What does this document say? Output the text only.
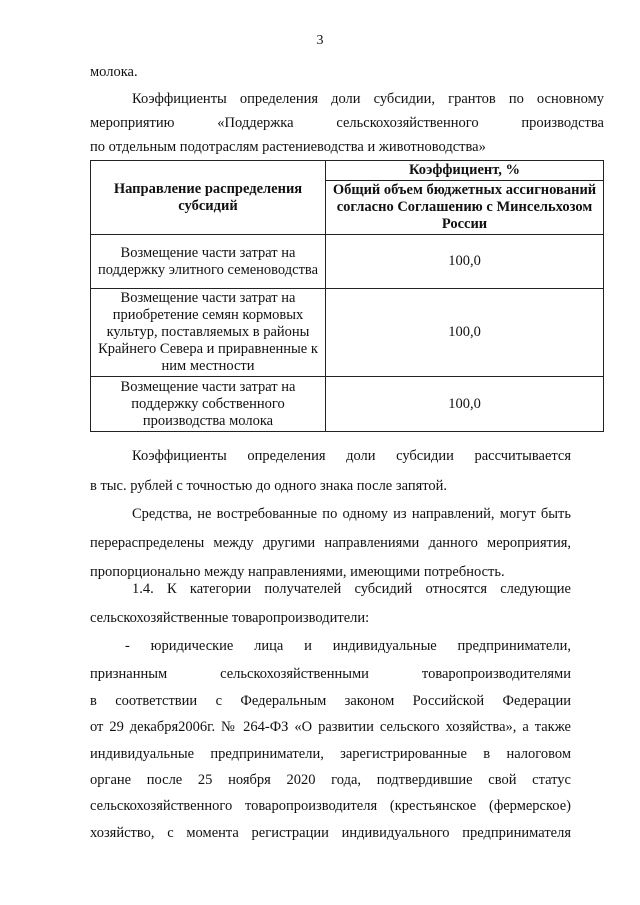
3
молока.
Коэффициенты определения доли субсидии, грантов по основному
мероприятию «Поддержка сельскохозяйственного производства
по отдельным подотраслям растениеводства и животноводства»
Направление распределения субсидий	Коэффициент, %
	Общий объем бюджетных ассигнований согласно Соглашению с Минсельхозом России
Возмещение части затрат на поддержку элитного семеноводства	100,0
Возмещение части затрат на приобретение семян кормовых культур, поставляемых в районы Крайнего Севера и приравненные к ним местности	100,0
Возмещение части затрат на поддержку собственного производства молока	100,0
Коэффициенты определения доли субсидии рассчитывается
в тыс. рублей с точностью до одного знака после запятой.
Средства, не востребованные по одному из направлений, могут быть
перераспределены между другими направлениями данного мероприятия,
пропорционально между направлениями, имеющими потребность.
1.4. К категории получателей субсидий относятся следующие
сельскохозяйственные товаропроизводители:
- юридические лица и индивидуальные предприниматели,
признанным сельскохозяйственными товаропроизводителями
в соответствии с Федеральным законом Российской Федерации
от 29 декабря2006г. № 264-ФЗ «О развитии сельского хозяйства», а также
индивидуальные предприниматели, зарегистрированные в налоговом
органе после 25 ноября 2020 года, подтвердившие свой статус
сельскохозяйственного товаропроизводителя (крестьянское (фермерское)
хозяйство, с момента регистрации индивидуального предпринимателя
